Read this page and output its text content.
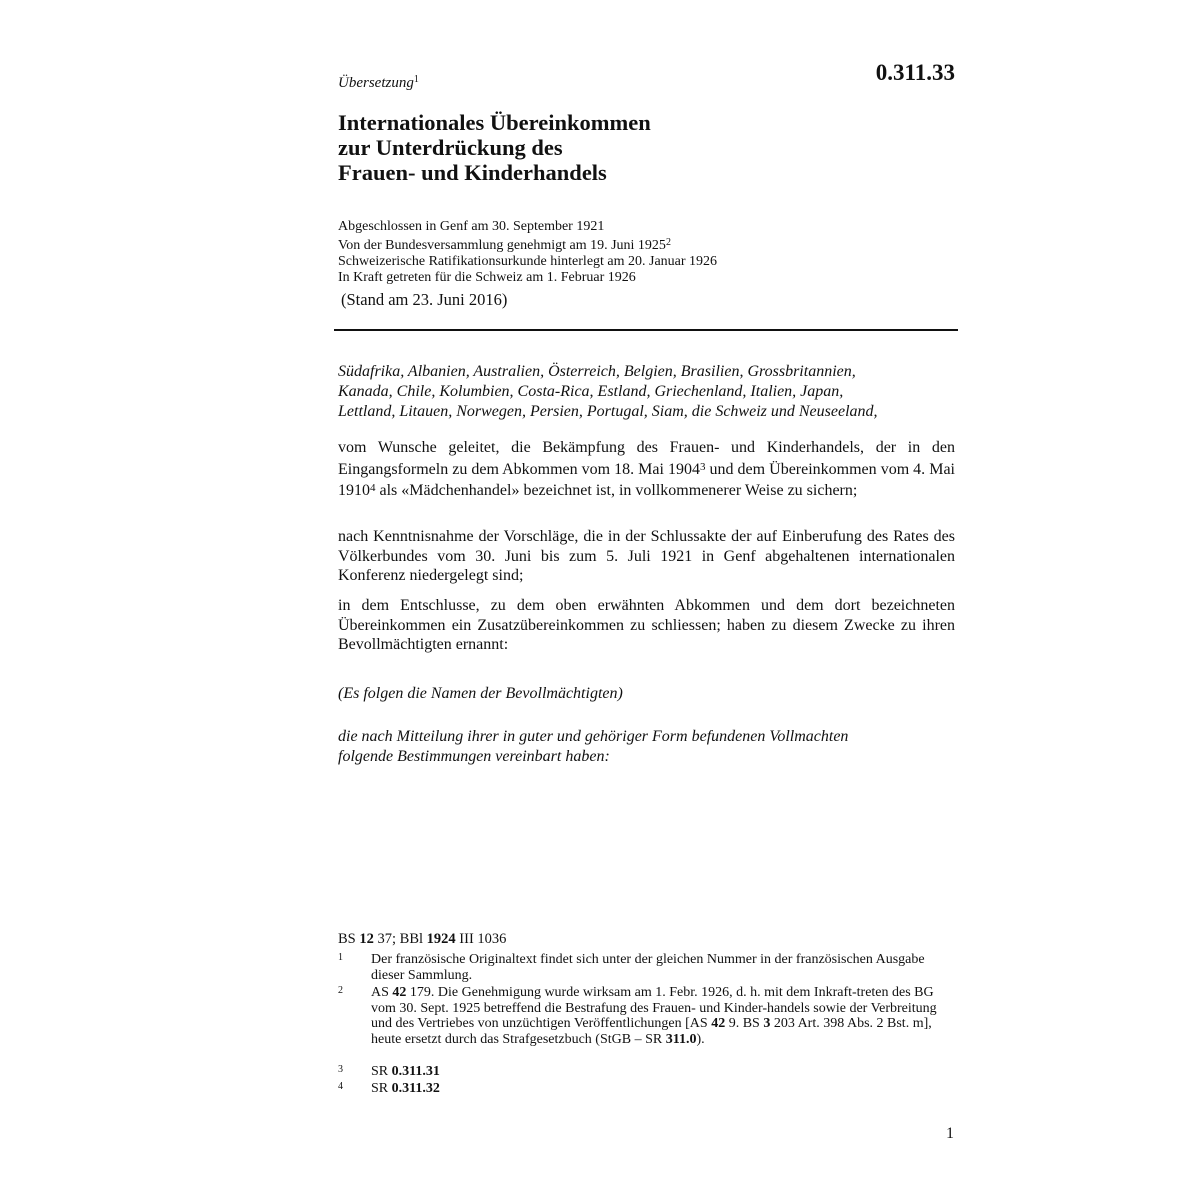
Übersetzung$^1$	0.311.33
Internationales Übereinkommen
zur Unterdrückung des
Frauen- und Kinderhandels
Abgeschlossen in Genf am 30. September 1921
Von der Bundesversammlung genehmigt am 19. Juni 1925$^2$
Schweizerische Ratifikationsurkunde hinterlegt am 20. Januar 1926
In Kraft getreten für die Schweiz am 1. Februar 1926
(Stand am 23. Juni 2016)
Südafrika, Albanien, Australien, Österreich, Belgien, Brasilien, Grossbritannien,
Kanada, Chile, Kolumbien, Costa-Rica, Estland, Griechenland, Italien, Japan,
Lettland, Litauen, Norwegen, Persien, Portugal, Siam, die Schweiz und Neuseeland,
vom Wunsche geleitet, die Bekämpfung des Frauen- und Kinderhandels, der in den Eingangsformeln zu dem Abkommen vom 18. Mai 1904$^3$ und dem Übereinkommen vom 4. Mai 1910$^4$ als «Mädchenhandel» bezeichnet ist, in vollkommenerer Weise zu sichern;
nach Kenntnisnahme der Vorschläge, die in der Schlussakte der auf Einberufung des Rates des Völkerbundes vom 30. Juni bis zum 5. Juli 1921 in Genf abgehaltenen internationalen Konferenz niedergelegt sind;
in dem Entschlusse, zu dem oben erwähnten Abkommen und dem dort bezeichneten Übereinkommen ein Zusatzübereinkommen zu schliessen; haben zu diesem Zwecke zu ihren Bevollmächtigten ernannt:
(Es folgen die Namen der Bevollmächtigten)
die nach Mitteilung ihrer in guter und gehöriger Form befundenen Vollmachten
folgende Bestimmungen vereinbart haben:
BS 12 37; BBl 1924 III 1036
1 Der französische Originaltext findet sich unter der gleichen Nummer in der französischen Ausgabe dieser Sammlung.
2 AS 42 179. Die Genehmigung wurde wirksam am 1. Febr. 1926, d. h. mit dem Inkraft-treten des BG vom 30. Sept. 1925 betreffend die Bestrafung des Frauen- und Kinder-handels sowie der Verbreitung und des Vertriebes von unzüchtigen Veröffentlichungen [AS 42 9. BS 3 203 Art. 398 Abs. 2 Bst. m], heute ersetzt durch das Strafgesetzbuch (StGB – SR 311.0).
3 SR 0.311.31
4 SR 0.311.32
1
